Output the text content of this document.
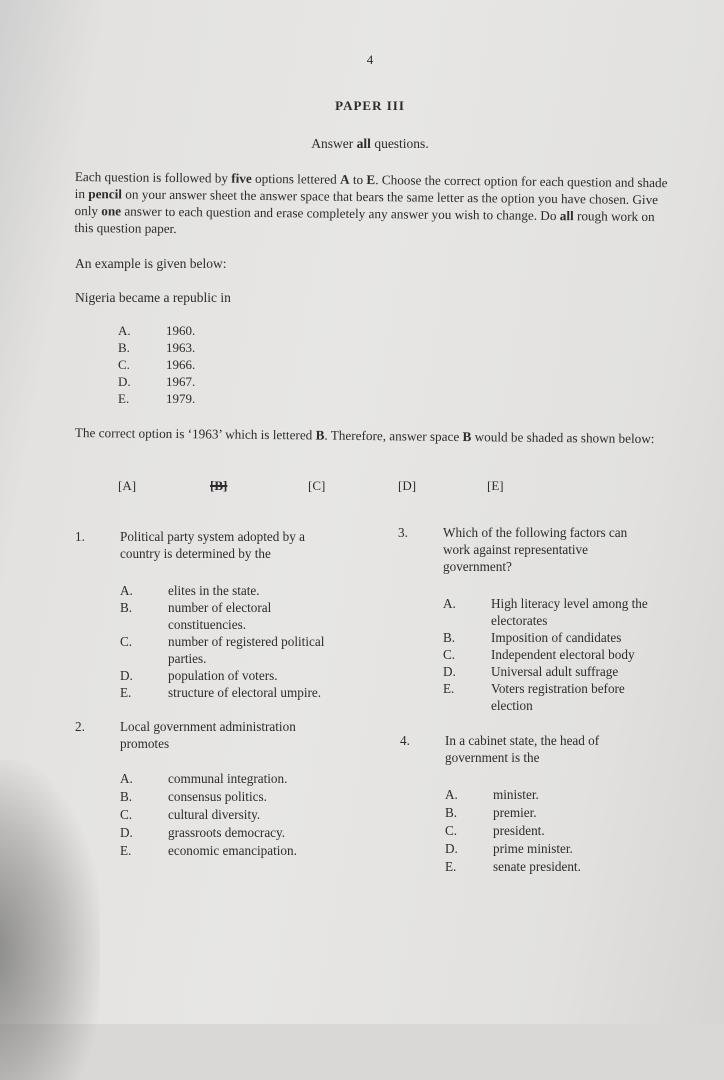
4
PAPER III
Answer all questions.
Each question is followed by five options lettered A to E. Choose the correct option for each question and shade in pencil on your answer sheet the answer space that bears the same letter as the option you have chosen. Give only one answer to each question and erase completely any answer you wish to change. Do all rough work on this question paper.
An example is given below:
Nigeria became a republic in
A.	1960.
B.	1963.
C.	1966.
D.	1967.
E.	1979.
The correct option is ‘1963’ which is lettered B. Therefore, answer space B would be shaded as shown below:
[A]	[B]	[C]	[D]	[E]
1.	Political party system adopted by a
country is determined by the
A.	elites in the state.
B.	number of electoral
constituencies.
C.	number of registered political
parties.
D.	population of voters.
E.	structure of electoral umpire.
2.	Local government administration
promotes
A.	communal integration.
B.	consensus politics.
C.	cultural diversity.
D.	grassroots democracy.
E.	economic emancipation.
3.	Which of the following factors can
work against representative
government?
A.	High literacy level among the
electorates
B.	Imposition of candidates
C.	Independent electoral body
D.	Universal adult suffrage
E.	Voters registration before
election
4.	In a cabinet state, the head of
government is the
A.	minister.
B.	premier.
C.	president.
D.	prime minister.
E.	senate president.
